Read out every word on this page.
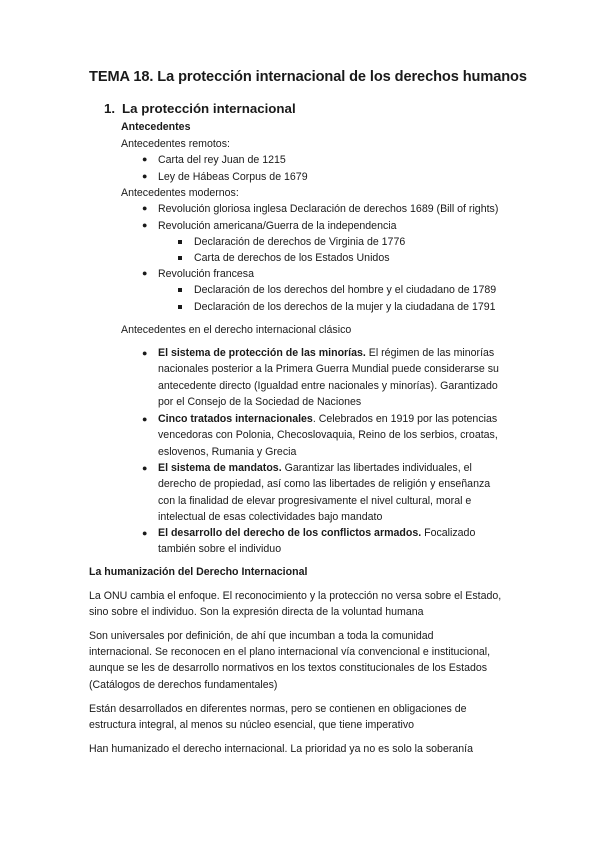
TEMA 18. La protección internacional de los derechos humanos
1. La protección internacional
Antecedentes
Antecedentes remotos:
● Carta del rey Juan de 1215
● Ley de Hábeas Corpus de 1679
Antecedentes modernos:
● Revolución gloriosa inglesa Declaración de derechos 1689 (Bill of rights)
● Revolución americana/Guerra de la independencia
Declaración de derechos de Virginia de 1776
Carta de derechos de los Estados Unidos
● Revolución francesa
Declaración de los derechos del hombre y el ciudadano de 1789
Declaración de los derechos de la mujer y la ciudadana de 1791
Antecedentes en el derecho internacional clásico
● El sistema de protección de las minorías. El régimen de las minorías
nacionales posterior a la Primera Guerra Mundial puede considerarse su
antecedente directo (Igualdad entre nacionales y minorías). Garantizado
por el Consejo de la Sociedad de Naciones
● Cinco tratados internacionales. Celebrados en 1919 por las potencias
vencedoras con Polonia, Checoslovaquia, Reino de los serbios, croatas,
eslovenos, Rumania y Grecia
● El sistema de mandatos. Garantizar las libertades individuales, el
derecho de propiedad, así como las libertades de religión y enseñanza
con la finalidad de elevar progresivamente el nivel cultural, moral e
intelectual de esas colectividades bajo mandato
● El desarrollo del derecho de los conflictos armados. Focalizado
también sobre el individuo
La humanización del Derecho Internacional
La ONU cambia el enfoque. El reconocimiento y la protección no versa sobre el Estado,
sino sobre el individuo. Son la expresión directa de la voluntad humana
Son universales por definición, de ahí que incumban a toda la comunidad
internacional. Se reconocen en el plano internacional vía convencional e institucional,
aunque se les de desarrollo normativos en los textos constitucionales de los Estados
(Catálogos de derechos fundamentales)
Están desarrollados en diferentes normas, pero se contienen en obligaciones de
estructura integral, al menos su núcleo esencial, que tiene imperativo
Han humanizado el derecho internacional. La prioridad ya no es solo la soberanía
